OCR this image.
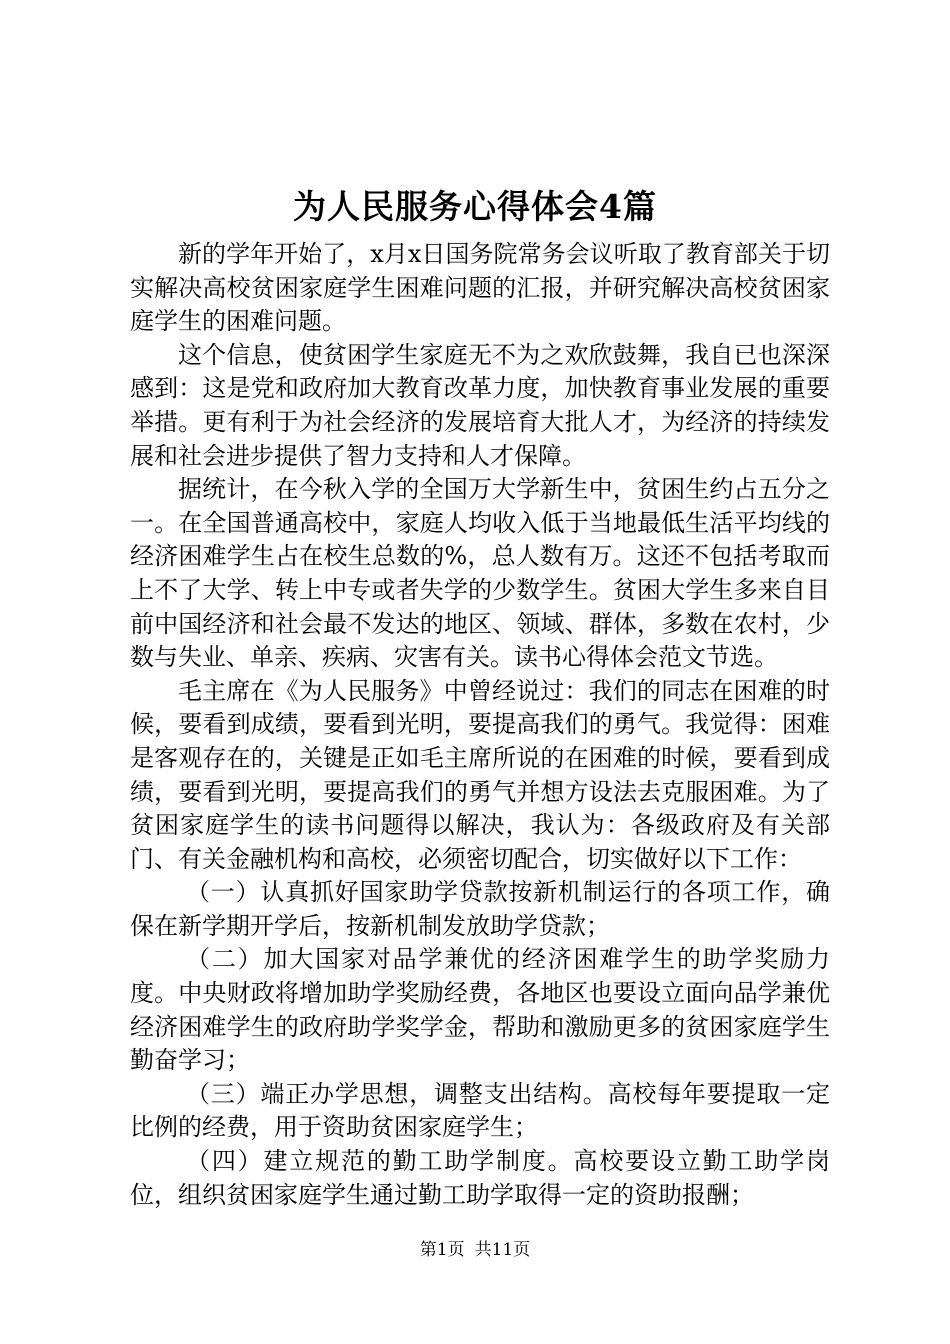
为人民服务心得体会4篇

新的学年开始了，x月x日国务院常务会议听取了教育部关于切实解决高校贫困家庭学生困难问题的汇报，并研究解决高校贫困家庭学生的困难问题。

这个信息，使贫困学生家庭无不为之欢欣鼓舞，我自已也深深感到：这是党和政府加大教育改革力度，加快教育事业发展的重要举措。更有利于为社会经济的发展培育大批人才，为经济的持续发展和社会进步提供了智力支持和人才保障。

据统计，在今秋入学的全国万大学新生中，贫困生约占五分之一。在全国普通高校中，家庭人均收入低于当地最低生活平均线的经济困难学生占在校生总数的%，总人数有万。这还不包括考取而上不了大学、转上中专或者失学的少数学生。贫困大学生多来自目前中国经济和社会最不发达的地区、领域、群体，多数在农村，少数与失业、单亲、疾病、灾害有关。读书心得体会范文节选。

毛主席在《为人民服务》中曾经说过：我们的同志在困难的时候，要看到成绩，要看到光明，要提高我们的勇气。我觉得：困难是客观存在的，关键是正如毛主席所说的在困难的时候，要看到成绩，要看到光明，要提高我们的勇气并想方设法去克服困难。为了贫困家庭学生的读书问题得以解决，我认为：各级政府及有关部门、有关金融机构和高校，必须密切配合，切实做好以下工作：

（一）认真抓好国家助学贷款按新机制运行的各项工作，确保在新学期开学后，按新机制发放助学贷款；

（二）加大国家对品学兼优的经济困难学生的助学奖励力度。中央财政将增加助学奖励经费，各地区也要设立面向品学兼优经济困难学生的政府助学奖学金，帮助和激励更多的贫困家庭学生勤奋学习；

（三）端正办学思想，调整支出结构。高校每年要提取一定比例的经费，用于资助贫困家庭学生；

（四）建立规范的勤工助学制度。高校要设立勤工助学岗位，组织贫困家庭学生通过勤工助学取得一定的资助报酬；

第1页 共11页
